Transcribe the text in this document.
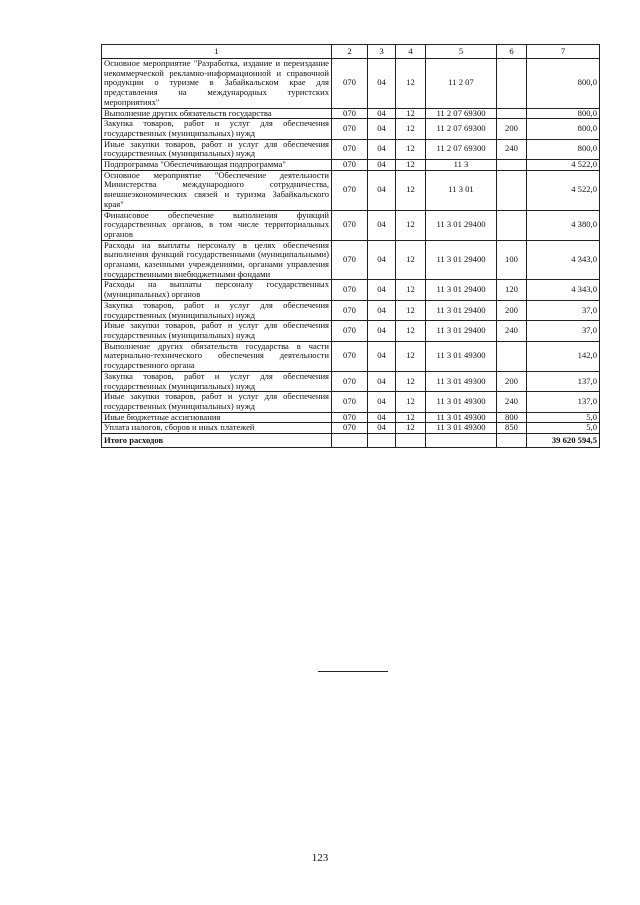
1	2	3	4	5	6	7
Основное мероприятие "Разработка, издание и переиздание некоммерческой рекламно-информационной и справочной продукции о туризме в Забайкальском крае для представления на международных туристских мероприятиях"	070	04	12	11 2 07		800,0
Выполнение других обязательств государства	070	04	12	11 2 07 69300		800,0
Закупка товаров, работ и услуг для обеспечения государственных (муниципальных) нужд	070	04	12	11 2 07 69300	200	800,0
Иные закупки товаров, работ и услуг для обеспечения государственных (муниципальных) нужд	070	04	12	11 2 07 69300	240	800,0
Подпрограмма "Обеспечивающая подпрограмма"	070	04	12	11 3		4 522,0
Основное мероприятие "Обеспечение деятельности Министерства международного сотрудничества, внешнеэкономических связей и туризма Забайкальского края"	070	04	12	11 3 01		4 522,0
Финансовое обеспечение выполнения функций государственных органов, в том числе территориальных органов	070	04	12	11 3 01 29400		4 380,0
Расходы на выплаты персоналу в целях обеспечения выполнения функций государственными (муниципальными) органами, казенными учреждениями, органами управления государственными внебюджетными фондами	070	04	12	11 3 01 29400	100	4 343,0
Расходы на выплаты персоналу государственных (муниципальных) органов	070	04	12	11 3 01 29400	120	4 343,0
Закупка товаров, работ и услуг для обеспечения государственных (муниципальных) нужд	070	04	12	11 3 01 29400	200	37,0
Иные закупки товаров, работ и услуг для обеспечения государственных (муниципальных) нужд	070	04	12	11 3 01 29400	240	37,0
Выполнение других обязательств государства в части материально-технического обеспечения деятельности государственного органа	070	04	12	11 3 01 49300		142,0
Закупка товаров, работ и услуг для обеспечения государственных (муниципальных) нужд	070	04	12	11 3 01 49300	200	137,0
Иные закупки товаров, работ и услуг для обеспечения государственных (муниципальных) нужд	070	04	12	11 3 01 49300	240	137,0
Иные бюджетные ассигнования	070	04	12	11 3 01 49300	800	5,0
Уплата налогов, сборов и иных платежей	070	04	12	11 3 01 49300	850	5,0
Итого расходов						39 620 594,5
123
